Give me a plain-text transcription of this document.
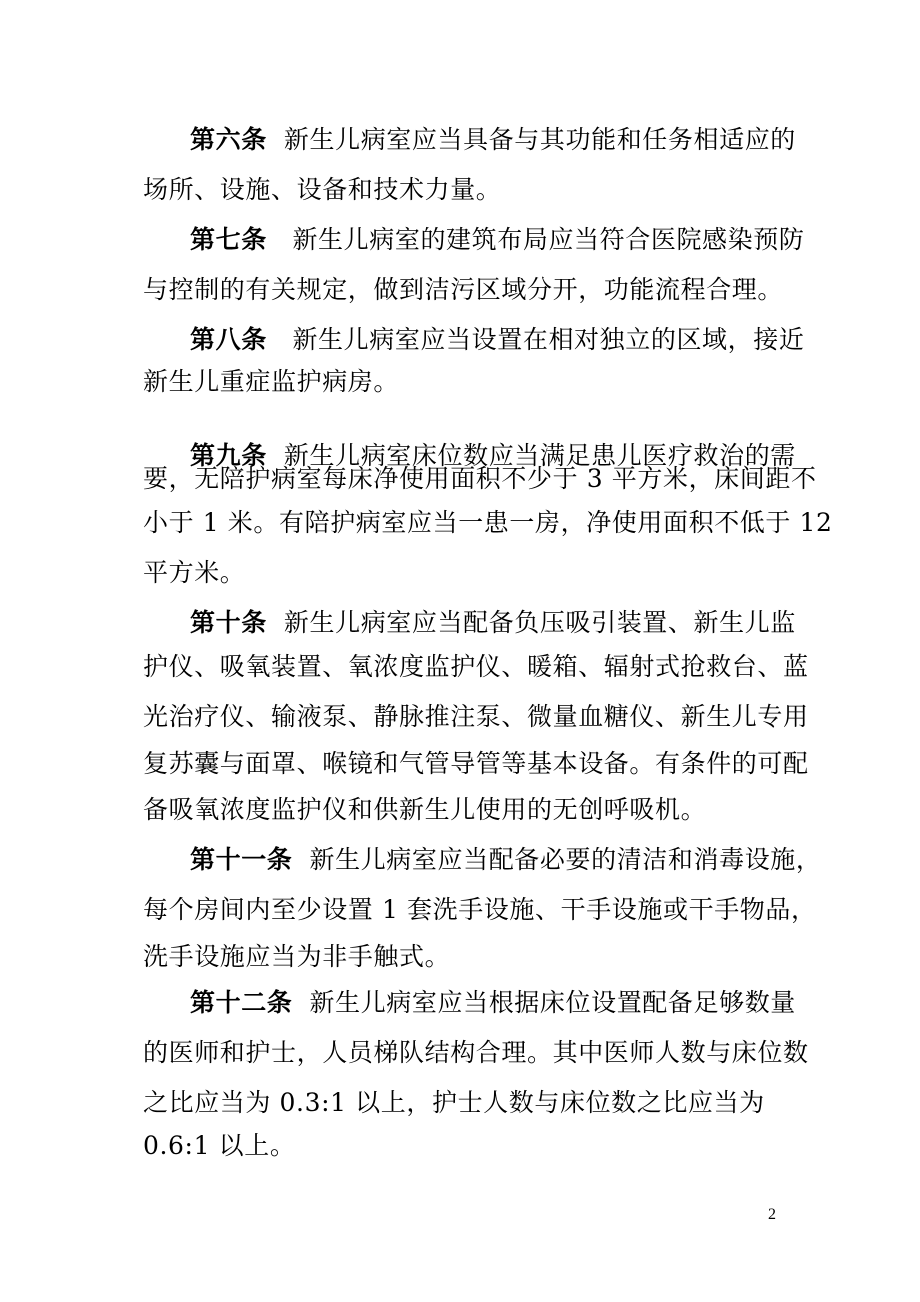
第六条 新生儿病室应当具备与其功能和任务相适应的
场所、设施、设备和技术力量。
第七条 新生儿病室的建筑布局应当符合医院感染预防
与控制的有关规定，做到洁污区域分开，功能流程合理。
第八条 新生儿病室应当设置在相对独立的区域，接近
新生儿重症监护病房。
第九条 新生儿病室床位数应当满足患儿医疗救治的需
要，无陪护病室每床净使用面积不少于 3 平方米，床间距不
小于 1 米。有陪护病室应当一患一房，净使用面积不低于 12
平方米。
第十条 新生儿病室应当配备负压吸引装置、新生儿监
护仪、吸氧装置、氧浓度监护仪、暖箱、辐射式抢救台、蓝
光治疗仪、输液泵、静脉推注泵、微量血糖仪、新生儿专用
复苏囊与面罩、喉镜和气管导管等基本设备。有条件的可配
备吸氧浓度监护仪和供新生儿使用的无创呼吸机。
第十一条 新生儿病室应当配备必要的清洁和消毒设施，
每个房间内至少设置 1 套洗手设施、干手设施或干手物品，
洗手设施应当为非手触式。
第十二条 新生儿病室应当根据床位设置配备足够数量
的医师和护士，人员梯队结构合理。其中医师人数与床位数
之比应当为 0.3:1 以上，护士人数与床位数之比应当为
0.6:1 以上。
2
